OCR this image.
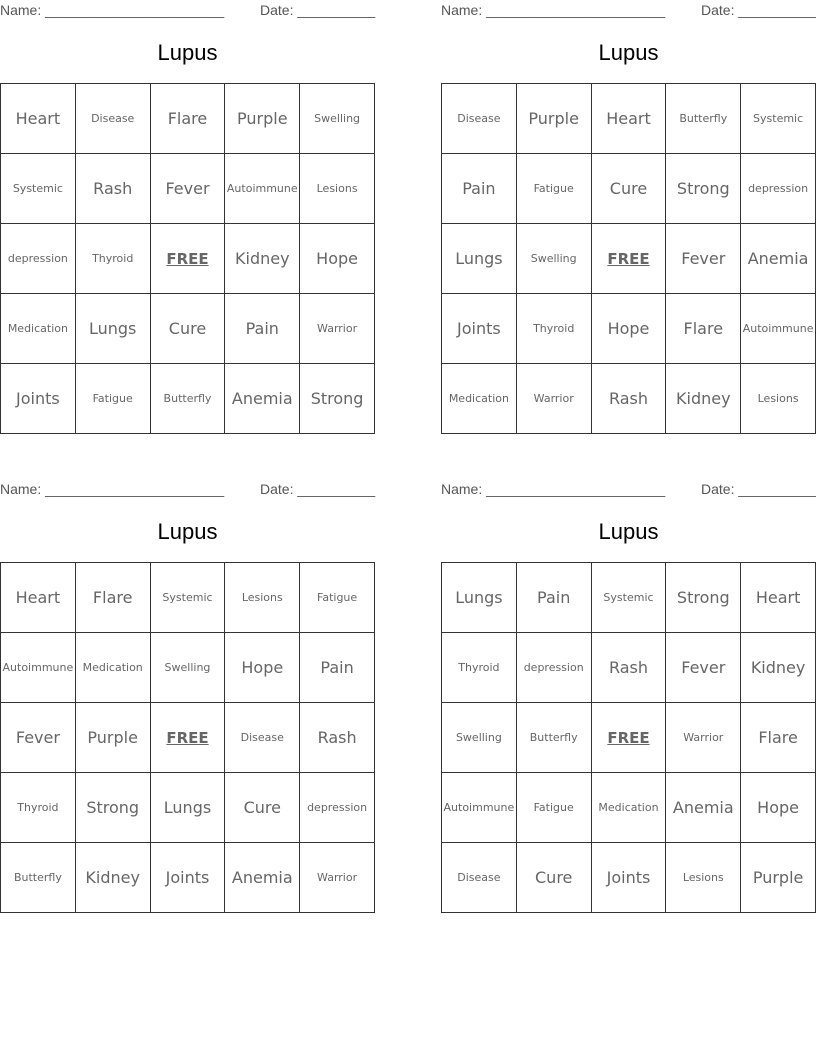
Name: _______________________	Date: __________
Lupus
Heart	Disease	Flare	Purple	Swelling
Systemic	Rash	Fever	Autoimmune	Lesions
depression	Thyroid	FREE	Kidney	Hope
Medication	Lungs	Cure	Pain	Warrior
Joints	Fatigue	Butterfly	Anemia	Strong
Name: _______________________	Date: __________
Lupus
Disease	Purple	Heart	Butterfly	Systemic
Pain	Fatigue	Cure	Strong	depression
Lungs	Swelling	FREE	Fever	Anemia
Joints	Thyroid	Hope	Flare	Autoimmune
Medication	Warrior	Rash	Kidney	Lesions
Name: _______________________	Date: __________
Lupus
Heart	Flare	Systemic	Lesions	Fatigue
Autoimmune	Medication	Swelling	Hope	Pain
Fever	Purple	FREE	Disease	Rash
Thyroid	Strong	Lungs	Cure	depression
Butterfly	Kidney	Joints	Anemia	Warrior
Name: _______________________	Date: __________
Lupus
Lungs	Pain	Systemic	Strong	Heart
Thyroid	depression	Rash	Fever	Kidney
Swelling	Butterfly	FREE	Warrior	Flare
Autoimmune	Fatigue	Medication	Anemia	Hope
Disease	Cure	Joints	Lesions	Purple
